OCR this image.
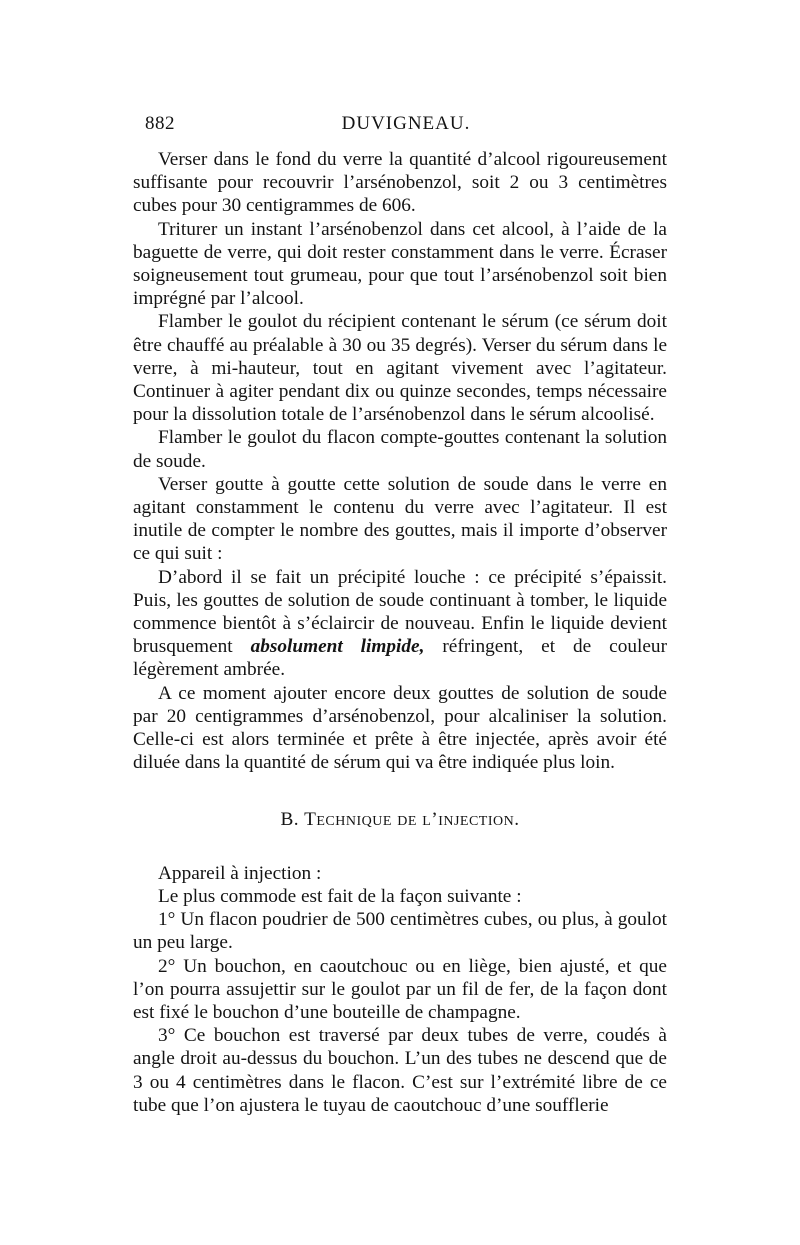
882	DUVIGNEAU.

Verser dans le fond du verre la quantité d’alcool rigoureusement suffisante pour recouvrir l’arsénobenzol, soit 2 ou 3 centimètres cubes pour 30 centigrammes de 606.

Triturer un instant l’arsénobenzol dans cet alcool, à l’aide de la baguette de verre, qui doit rester constamment dans le verre. Écraser soigneusement tout grumeau, pour que tout l’arsénobenzol soit bien imprégné par l’alcool.

Flamber le goulot du récipient contenant le sérum (ce sérum doit être chauffé au préalable à 30 ou 35 degrés). Verser du sérum dans le verre, à mi-hauteur, tout en agitant vivement avec l’agitateur. Continuer à agiter pendant dix ou quinze secondes, temps nécessaire pour la dissolution totale de l’arsénobenzol dans le sérum alcoolisé.

Flamber le goulot du flacon compte-gouttes contenant la solution de soude.

Verser goutte à goutte cette solution de soude dans le verre en agitant constamment le contenu du verre avec l’agitateur. Il est inutile de compter le nombre des gouttes, mais il importe d’observer ce qui suit :

D’abord il se fait un précipité louche : ce précipité s’épaissit. Puis, les gouttes de solution de soude continuant à tomber, le liquide commence bientôt à s’éclaircir de nouveau. Enfin le liquide devient brusquement absolument limpide, réfringent, et de couleur légèrement ambrée.

A ce moment ajouter encore deux gouttes de solution de soude par 20 centigrammes d’arsénobenzol, pour alcaliniser la solution. Celle-ci est alors terminée et prête à être injectée, après avoir été diluée dans la quantité de sérum qui va être indiquée plus loin.

B. Technique de l’injection.

Appareil à injection :

Le plus commode est fait de la façon suivante :

1° Un flacon poudrier de 500 centimètres cubes, ou plus, à goulot un peu large.

2° Un bouchon, en caoutchouc ou en liège, bien ajusté, et que l’on pourra assujettir sur le goulot par un fil de fer, de la façon dont est fixé le bouchon d’une bouteille de champagne.

3° Ce bouchon est traversé par deux tubes de verre, coudés à angle droit au-dessus du bouchon. L’un des tubes ne descend que de 3 ou 4 centimètres dans le flacon. C’est sur l’extrémité libre de ce tube que l’on ajustera le tuyau de caoutchouc d’une soufflerie
